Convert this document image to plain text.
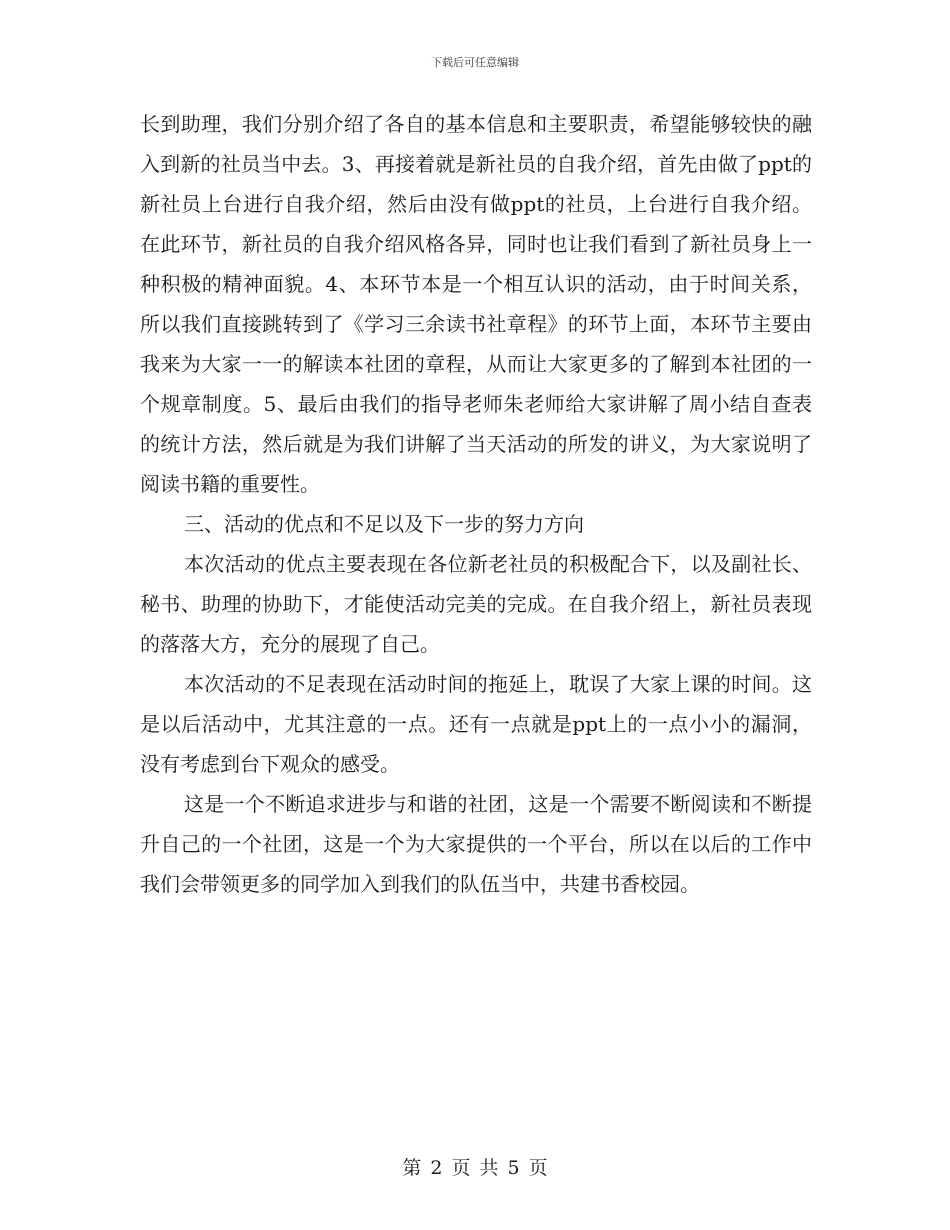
下载后可任意编辑

长到助理，我们分别介绍了各自的基本信息和主要职责，希望能够较快的融入到新的社员当中去。3、再接着就是新社员的自我介绍，首先由做了ppt的新社员上台进行自我介绍，然后由没有做ppt的社员，上台进行自我介绍。在此环节，新社员的自我介绍风格各异，同时也让我们看到了新社员身上一种积极的精神面貌。4、本环节本是一个相互认识的活动，由于时间关系，所以我们直接跳转到了《学习三余读书社章程》的环节上面，本环节主要由我来为大家一一的解读本社团的章程，从而让大家更多的了解到本社团的一个规章制度。5、最后由我们的指导老师朱老师给大家讲解了周小结自查表的统计方法，然后就是为我们讲解了当天活动的所发的讲义，为大家说明了阅读书籍的重要性。

三、活动的优点和不足以及下一步的努力方向

本次活动的优点主要表现在各位新老社员的积极配合下，以及副社长、秘书、助理的协助下，才能使活动完美的完成。在自我介绍上，新社员表现的落落大方，充分的展现了自己。

本次活动的不足表现在活动时间的拖延上，耽误了大家上课的时间。这是以后活动中，尤其注意的一点。还有一点就是ppt上的一点小小的漏洞，没有考虑到台下观众的感受。

这是一个不断追求进步与和谐的社团，这是一个需要不断阅读和不断提升自己的一个社团，这是一个为大家提供的一个平台，所以在以后的工作中我们会带领更多的同学加入到我们的队伍当中，共建书香校园。

第 2 页 共 5 页
